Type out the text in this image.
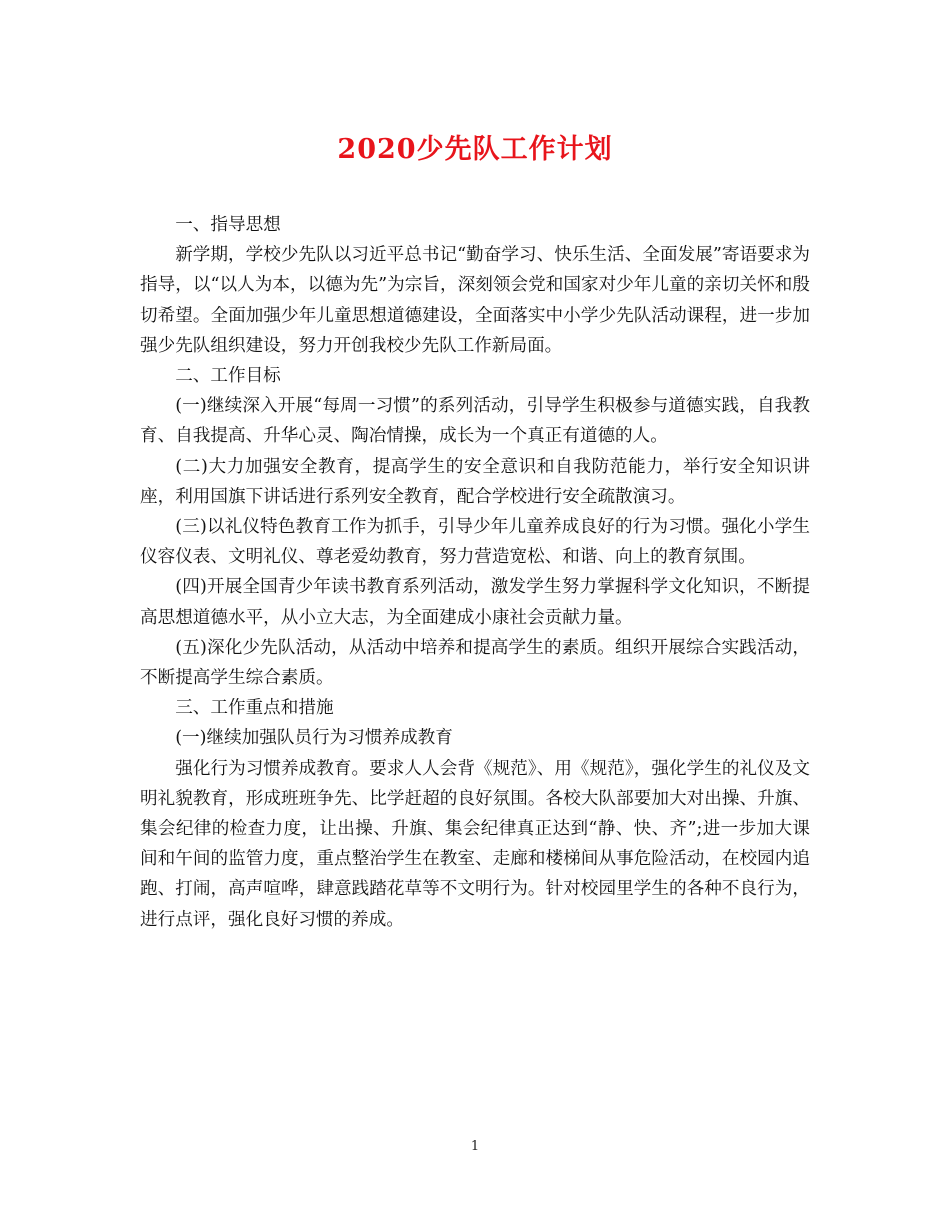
2020少先队工作计划

一、指导思想

新学期，学校少先队以习近平总书记“勤奋学习、快乐生活、全面发展”寄语要求为指导，以“以人为本，以德为先”为宗旨，深刻领会党和国家对少年儿童的亲切关怀和殷切希望。全面加强少年儿童思想道德建设，全面落实中小学少先队活动课程，进一步加强少先队组织建设，努力开创我校少先队工作新局面。

二、工作目标

(一)继续深入开展“每周一习惯”的系列活动，引导学生积极参与道德实践，自我教育、自我提高、升华心灵、陶冶情操，成长为一个真正有道德的人。

(二)大力加强安全教育，提高学生的安全意识和自我防范能力，举行安全知识讲座，利用国旗下讲话进行系列安全教育，配合学校进行安全疏散演习。

(三)以礼仪特色教育工作为抓手，引导少年儿童养成良好的行为习惯。强化小学生仪容仪表、文明礼仪、尊老爱幼教育，努力营造宽松、和谐、向上的教育氛围。

(四)开展全国青少年读书教育系列活动，激发学生努力掌握科学文化知识，不断提高思想道德水平，从小立大志，为全面建成小康社会贡献力量。

(五)深化少先队活动，从活动中培养和提高学生的素质。组织开展综合实践活动，不断提高学生综合素质。

三、工作重点和措施

(一)继续加强队员行为习惯养成教育

强化行为习惯养成教育。要求人人会背《规范》、用《规范》，强化学生的礼仪及文明礼貌教育，形成班班争先、比学赶超的良好氛围。各校大队部要加大对出操、升旗、集会纪律的检查力度，让出操、升旗、集会纪律真正达到“静、快、齐”;进一步加大课间和午间的监管力度，重点整治学生在教室、走廊和楼梯间从事危险活动，在校园内追跑、打闹，高声喧哗，肆意践踏花草等不文明行为。针对校园里学生的各种不良行为，进行点评，强化良好习惯的养成。

1
